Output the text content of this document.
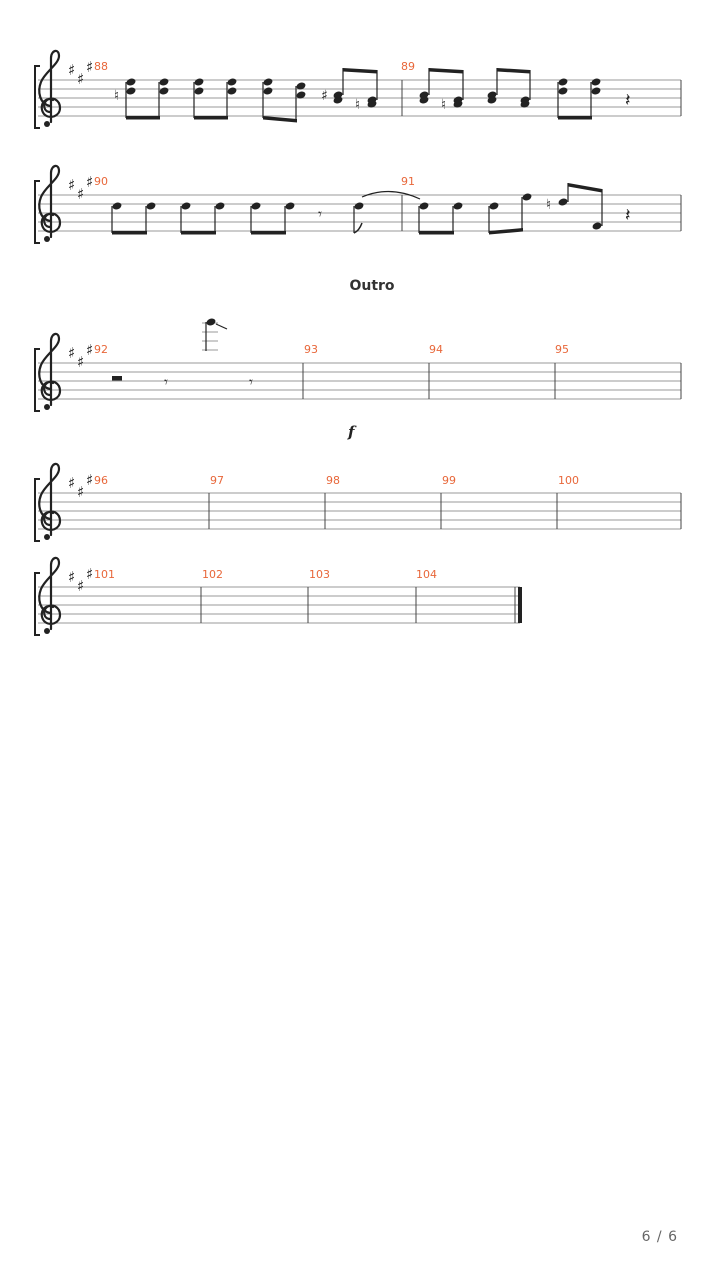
88	89
♮	♯
♮	♮	𝄽
90	91
𝄾	♮	𝄽
Outro
92	93	94	95
𝄾	𝄾
f
96	97	98	99	100
101	102	103	104
6 / 6
